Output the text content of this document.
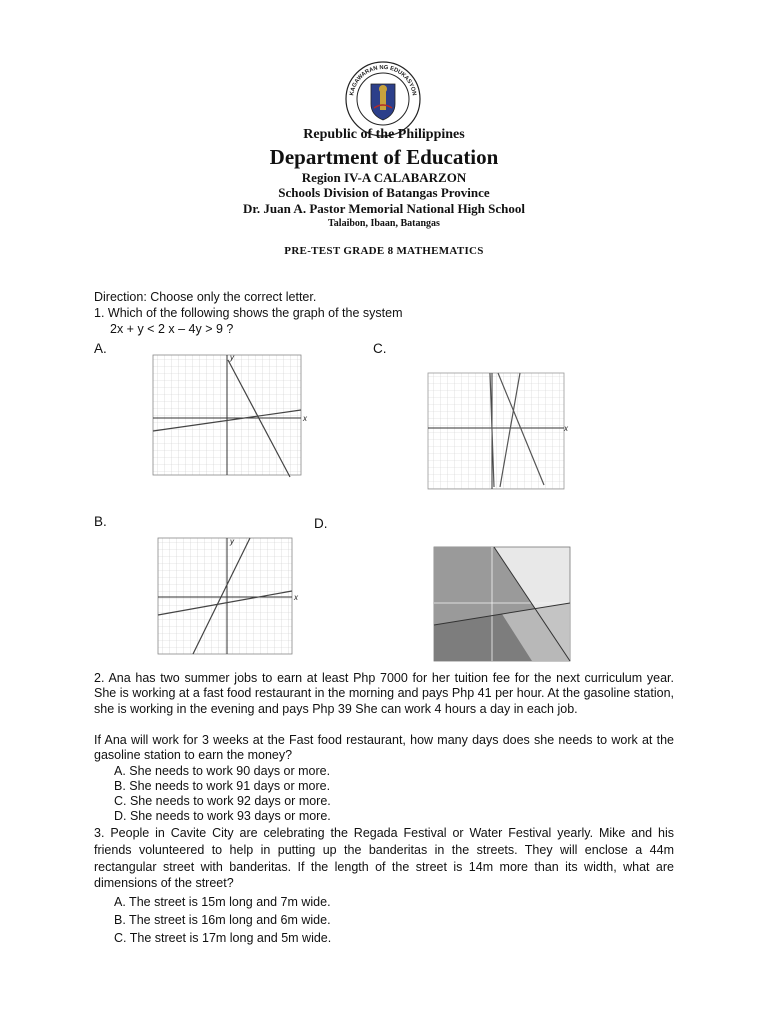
KAGAWARAN NG EDUKASYON
Republic of the Philippines
Department of Education
Region IV-A CALABARZON
Schools Division of Batangas Province
Dr. Juan A. Pastor Memorial National High School
Talaibon, Ibaan, Batangas
PRE-TEST GRADE 8 MATHEMATICS
Direction: Choose only the correct letter.
1. Which of the following shows the graph of the system
2x + y < 2 x – 4y > 9 ?
A.	C.
B.	D.
x
y
x
x
y
2. Ana has two summer jobs to earn at least Php 7000 for her tuition fee for the next curriculum year. She is working at a fast food restaurant in the morning and pays Php 41 per hour. At the gasoline station, she is working in the evening and pays Php 39 She can work 4 hours a day in each job.
If Ana will work for 3 weeks at the Fast food restaurant, how many days does she needs to work at the gasoline station to earn the money?
A. She needs to work 90 days or more.
B. She needs to work 91 days or more.
C. She needs to work 92 days or more.
D. She needs to work 93 days or more.
3. People in Cavite City are celebrating the Regada Festival or Water Festival yearly. Mike and his friends volunteered to help in putting up the banderitas in the streets. They will enclose a 44m rectangular street with banderitas. If the length of the street is 14m more than its width, what are dimensions of the street?
A. The street is 15m long and 7m wide.
B. The street is 16m long and 6m wide.
C. The street is 17m long and 5m wide.
